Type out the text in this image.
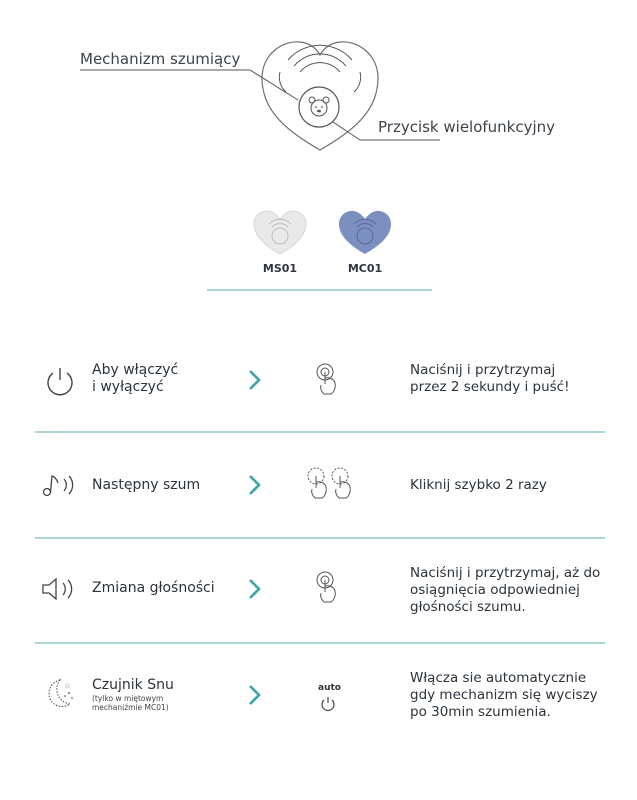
Mechanizm szumiący
Przycisk wielofunkcyjny
MS01	MC01
Aby włączyć
i wyłączyć
Naciśnij i przytrzymaj
przez 2 sekundy i puść!
Następny szum	Kliknij szybko 2 razy
Zmiana głośności
Naciśnij i przytrzymaj, aż do
osiągnięcia odpowiedniej
głośności szumu.
☆ Czujnik Snu
(tylko w miętowym
mechaniźmie MC01)
auto
Włącza sie automatycznie
gdy mechanizm się wyciszy
po 30min szumienia.
